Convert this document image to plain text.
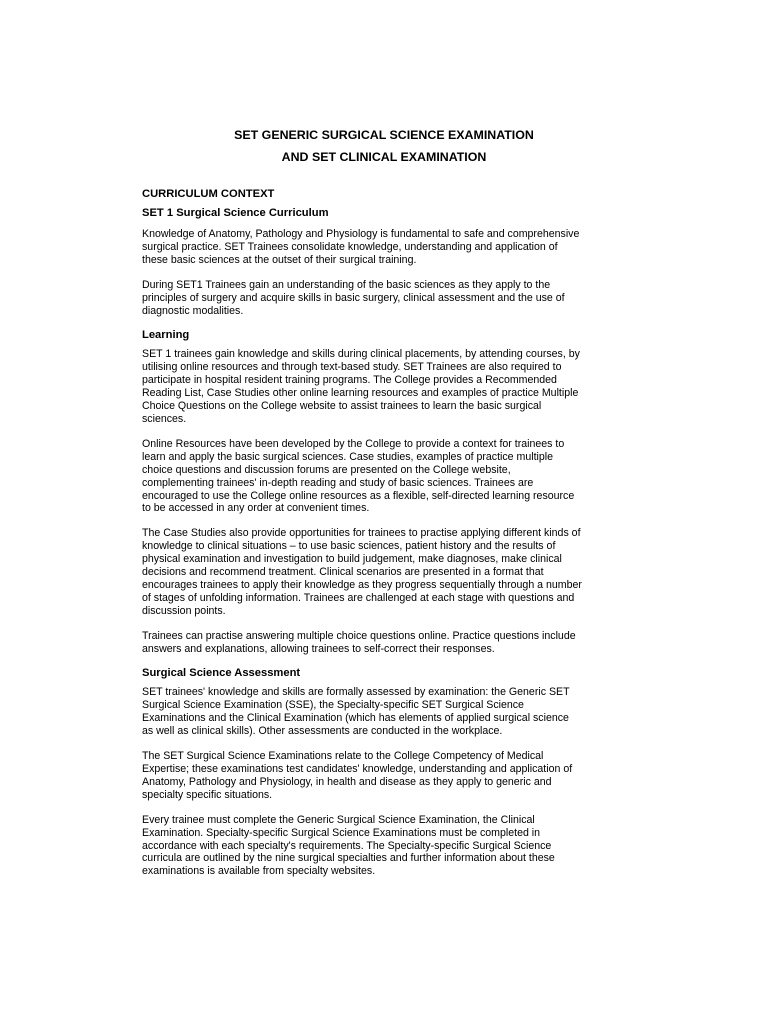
SET GENERIC SURGICAL SCIENCE EXAMINATION
AND SET CLINICAL EXAMINATION
CURRICULUM CONTEXT
SET 1 Surgical Science Curriculum
Knowledge of Anatomy, Pathology and Physiology is fundamental to safe and comprehensive
surgical practice. SET Trainees consolidate knowledge, understanding and application of
these basic sciences at the outset of their surgical training.
During SET1 Trainees gain an understanding of the basic sciences as they apply to the
principles of surgery and acquire skills in basic surgery, clinical assessment and the use of
diagnostic modalities.
Learning
SET 1 trainees gain knowledge and skills during clinical placements, by attending courses, by
utilising online resources and through text-based study. SET Trainees are also required to
participate in hospital resident training programs. The College provides a Recommended
Reading List, Case Studies other online learning resources and examples of practice Multiple
Choice Questions on the College website to assist trainees to learn the basic surgical
sciences.
Online Resources have been developed by the College to provide a context for trainees to
learn and apply the basic surgical sciences. Case studies, examples of practice multiple
choice questions and discussion forums are presented on the College website,
complementing trainees' in-depth reading and study of basic sciences. Trainees are
encouraged to use the College online resources as a flexible, self-directed learning resource
to be accessed in any order at convenient times.
The Case Studies also provide opportunities for trainees to practise applying different kinds of
knowledge to clinical situations – to use basic sciences, patient history and the results of
physical examination and investigation to build judgement, make diagnoses, make clinical
decisions and recommend treatment. Clinical scenarios are presented in a format that
encourages trainees to apply their knowledge as they progress sequentially through a number
of stages of unfolding information. Trainees are challenged at each stage with questions and
discussion points.
Trainees can practise answering multiple choice questions online. Practice questions include
answers and explanations, allowing trainees to self-correct their responses.
Surgical Science Assessment
SET trainees' knowledge and skills are formally assessed by examination: the Generic SET
Surgical Science Examination (SSE), the Specialty-specific SET Surgical Science
Examinations and the Clinical Examination (which has elements of applied surgical science
as well as clinical skills). Other assessments are conducted in the workplace.
The SET Surgical Science Examinations relate to the College Competency of Medical
Expertise; these examinations test candidates' knowledge, understanding and application of
Anatomy, Pathology and Physiology, in health and disease as they apply to generic and
specialty specific situations.
Every trainee must complete the Generic Surgical Science Examination, the Clinical
Examination. Specialty-specific Surgical Science Examinations must be completed in
accordance with each specialty's requirements. The Specialty-specific Surgical Science
curricula are outlined by the nine surgical specialties and further information about these
examinations is available from specialty websites.
